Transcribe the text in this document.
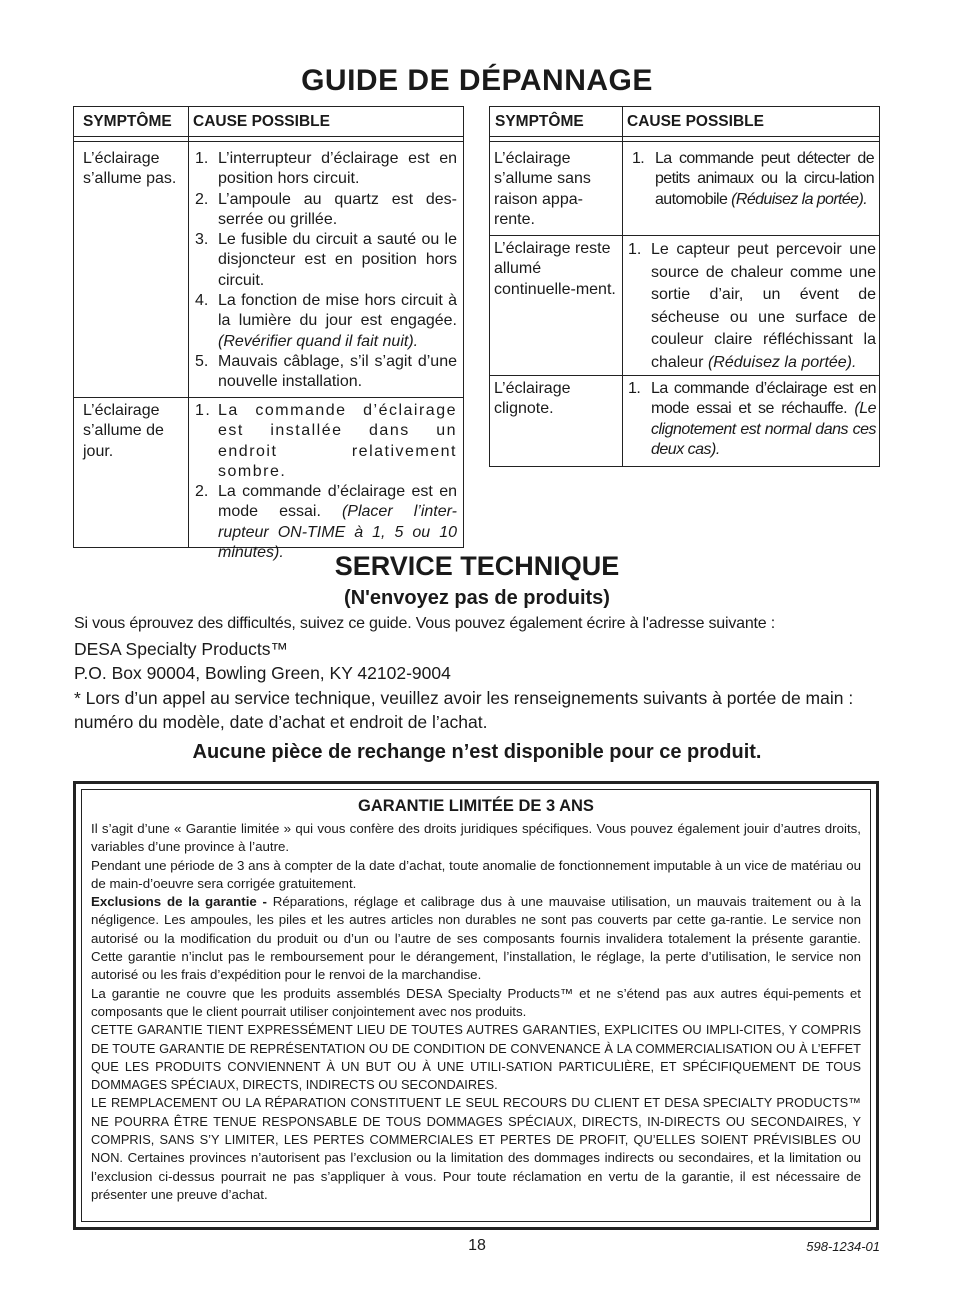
GUIDE DE DÉPANNAGE
SYMPTÔME CAUSE POSSIBLE
L’éclairage s’allume pas.
1. L’interrupteur d’éclairage est en position hors circuit.
2. L’ampoule au quartz est des-serrée ou grillée.
3. Le fusible du circuit a sauté ou le disjoncteur est en position hors circuit.
4. La fonction de mise hors circuit à la lumière du jour est engagée. (Revérifier quand il fait nuit).
5. Mauvais câblage, s’il s’agit d’une nouvelle installation.
L’éclairage s’allume de jour.
1. La commande d’éclairage est installée dans un endroit relativement sombre.
2. La commande d’éclairage est en mode essai. (Placer l’inter-rupteur ON-TIME à 1, 5 ou 10 minutes).
SYMPTÔME	CAUSE POSSIBLE
L’éclairage s’allume sans raison appa-rente.
1. La commande peut détecter de petits animaux ou la circu-lation automobile (Réduisez la portée).
L’éclairage reste allumé continuelle-ment.
1. Le capteur peut percevoir une source de chaleur comme une sortie d’air, un évent de sécheuse ou une surface de couleur claire réfléchissant la chaleur (Réduisez la portée).
L’éclairage clignote.
1. La commande d’éclairage est en mode essai et se réchauffe. (Le clignotement est normal dans ces deux cas).
SERVICE TECHNIQUE
(N'envoyez pas de produits)
Si vous éprouvez des difficultés, suivez ce guide. Vous pouvez également écrire à l'adresse suivante :
DESA Specialty Products™
P.O. Box 90004, Bowling Green, KY 42102-9004
* Lors d’un appel au service technique, veuillez avoir les renseignements suivants à portée de main : numéro du modèle, date d’achat et endroit de l’achat.
Aucune pièce de rechange n’est disponible pour ce produit.
GARANTIE LIMITÉE DE 3 ANS

Il s’agit d’une « Garantie limitée » qui vous confère des droits juridiques spécifiques. Vous pouvez également jouir d’autres droits, variables d’une province à l’autre.

Pendant une période de 3 ans à compter de la date d’achat, toute anomalie de fonctionnement imputable à un vice de matériau ou de main-d’oeuvre sera corrigée gratuitement.

Exclusions de la garantie - Réparations, réglage et calibrage dus à une mauvaise utilisation, un mauvais traitement ou à la négligence. Les ampoules, les piles et les autres articles non durables ne sont pas couverts par cette ga-rantie. Le service non autorisé ou la modification du produit ou d’un ou l’autre de ses composants fournis invalidera totalement la présente garantie. Cette garantie n’inclut pas le remboursement pour le dérangement, l’installation, le réglage, la perte d’utilisation, le service non autorisé ou les frais d’expédition pour le renvoi de la marchandise.

La garantie ne couvre que les produits assemblés DESA Specialty Products™ et ne s’étend pas aux autres équi-pements et composants que le client pourrait utiliser conjointement avec nos produits.

CETTE GARANTIE TIENT EXPRESSÉMENT LIEU DE TOUTES AUTRES GARANTIES, EXPLICITES OU IMPLI-CITES, Y COMPRIS DE TOUTE GARANTIE DE REPRÉSENTATION OU DE CONDITION DE CONVENANCE À LA COMMERCIALISATION OU À L’EFFET QUE LES PRODUITS CONVIENNENT À UN BUT OU À UNE UTILI-SATION PARTICULIÈRE, ET SPÉCIFIQUEMENT DE TOUS DOMMAGES SPÉCIAUX, DIRECTS, INDIRECTS OU SECONDAIRES.

LE REMPLACEMENT OU LA RÉPARATION CONSTITUENT LE SEUL RECOURS DU CLIENT ET DESA SPECIALTY PRODUCTS™ NE POURRA ÊTRE TENUE RESPONSABLE DE TOUS DOMMAGES SPÉCIAUX, DIRECTS, IN-DIRECTS OU SECONDAIRES, Y COMPRIS, SANS S’Y LIMITER, LES PERTES COMMERCIALES ET PERTES DE PROFIT, QU’ELLES SOIENT PRÉVISIBLES OU NON. Certaines provinces n’autorisent pas l’exclusion ou la limitation des dommages indirects ou secondaires, et la limitation ou l’exclusion ci-dessus pourrait ne pas s’appliquer à vous. Pour toute réclamation en vertu de la garantie, il est nécessaire de présenter une preuve d’achat.

18	598-1234-01
